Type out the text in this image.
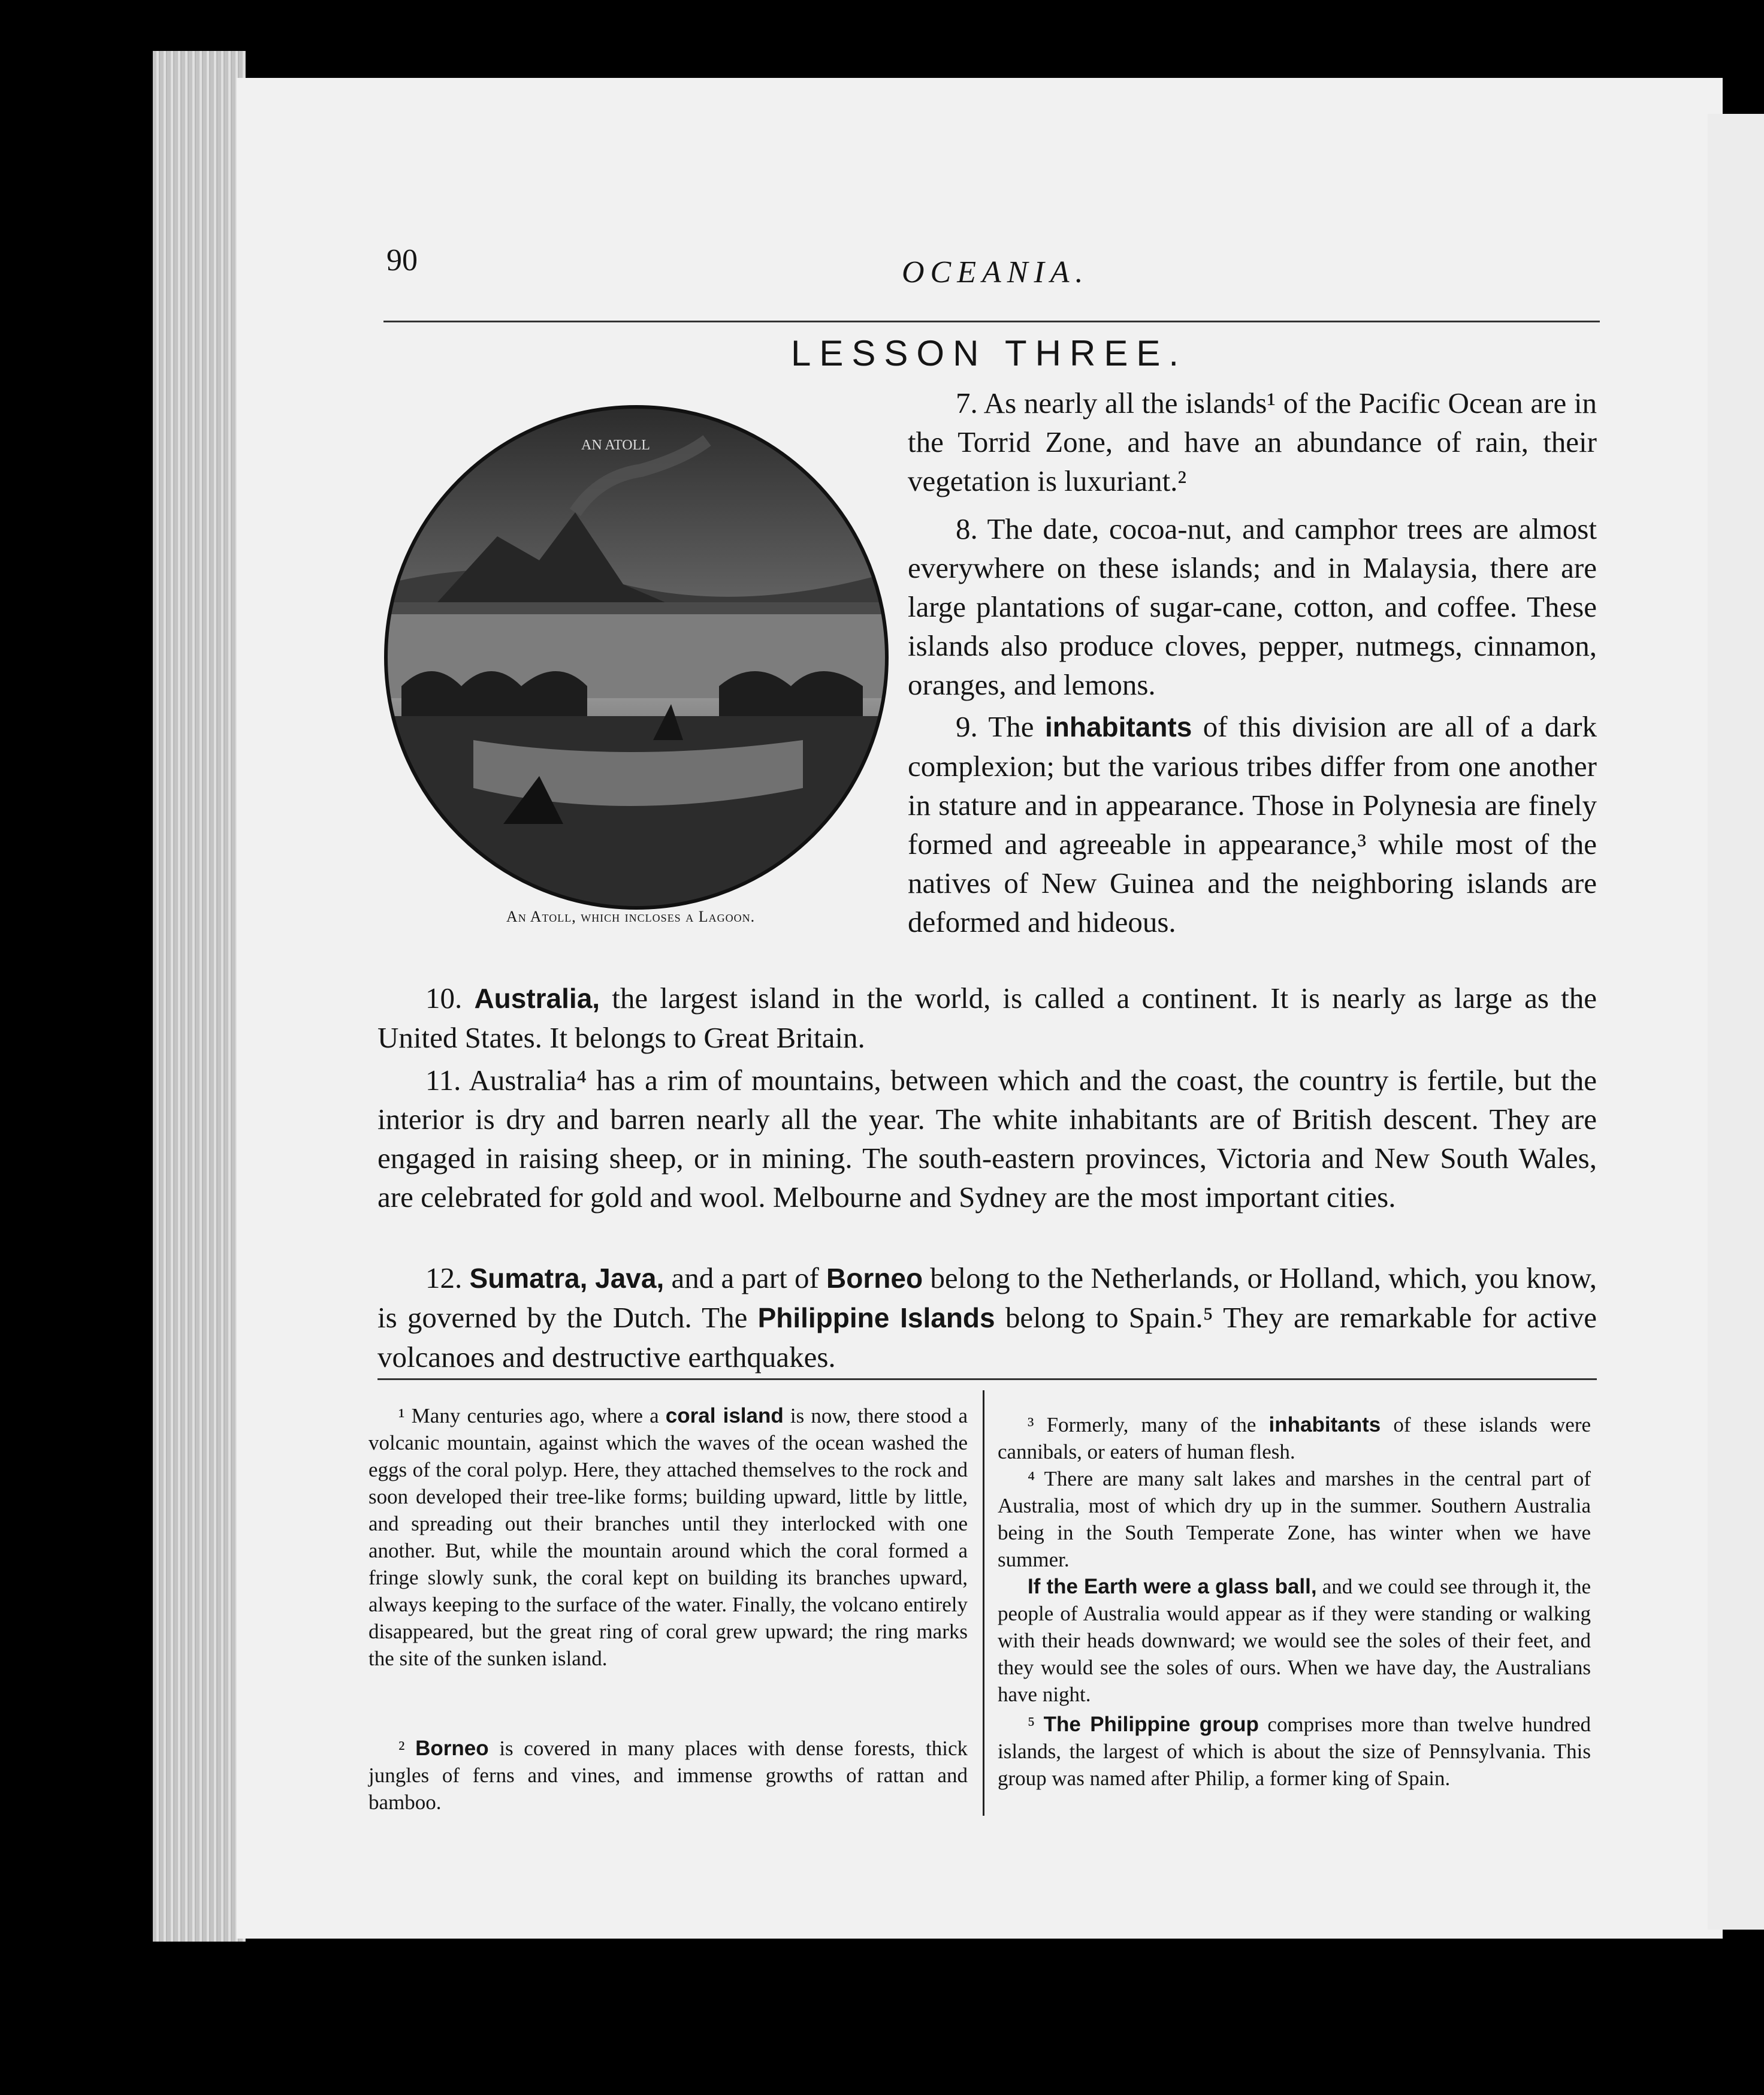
90	OCEANIA.
LESSON THREE.
AN ATOLL
An Atoll, which incloses a Lagoon.
7. As nearly all the islands¹ of the Pacific Ocean are in the Torrid Zone, and have an abundance of rain, their vegetation is luxuriant.²
8. The date, cocoa-nut, and camphor trees are almost everywhere on these islands; and in Malaysia, there are large plantations of sugar-cane, cotton, and coffee. These islands also produce cloves, pepper, nutmegs, cinnamon, oranges, and lemons.
9. The inhabitants of this division are all of a dark complexion; but the various tribes differ from one another in stature and in appearance. Those in Polynesia are finely formed and agreeable in appearance,³ while most of the natives of New Guinea and the neighboring islands are deformed and hideous.
10. Australia, the largest island in the world, is called a continent. It is nearly as large as the United States. It belongs to Great Britain.
11. Australia⁴ has a rim of mountains, between which and the coast, the country is fertile, but the interior is dry and barren nearly all the year. The white inhabitants are of British descent. They are engaged in raising sheep, or in mining. The south-eastern provinces, Victoria and New South Wales, are celebrated for gold and wool. Melbourne and Sydney are the most important cities.
12. Sumatra, Java, and a part of Borneo belong to the Netherlands, or Holland, which, you know, is governed by the Dutch. The Philippine Islands belong to Spain.⁵ They are remarkable for active volcanoes and destructive earthquakes.
¹ Many centuries ago, where a coral island is now, there stood a volcanic mountain, against which the waves of the ocean washed the eggs of the coral polyp. Here, they attached themselves to the rock and soon developed their tree-like forms; building upward, little by little, and spreading out their branches until they interlocked with one another. But, while the mountain around which the coral formed a fringe slowly sunk, the coral kept on building its branches upward, always keeping to the surface of the water. Finally, the volcano entirely disappeared, but the great ring of coral grew upward; the ring marks the site of the sunken island.
² Borneo is covered in many places with dense forests, thick jungles of ferns and vines, and immense growths of rattan and bamboo.
³ Formerly, many of the inhabitants of these islands were cannibals, or eaters of human flesh.
⁴ There are many salt lakes and marshes in the central part of Australia, most of which dry up in the summer. Southern Australia being in the South Temperate Zone, has winter when we have summer.
If the Earth were a glass ball, and we could see through it, the people of Australia would appear as if they were standing or walking with their heads downward; we would see the soles of their feet, and they would see the soles of ours. When we have day, the Australians have night.
⁵ The Philippine group comprises more than twelve hundred islands, the largest of which is about the size of Pennsylvania. This group was named after Philip, a former king of Spain.
